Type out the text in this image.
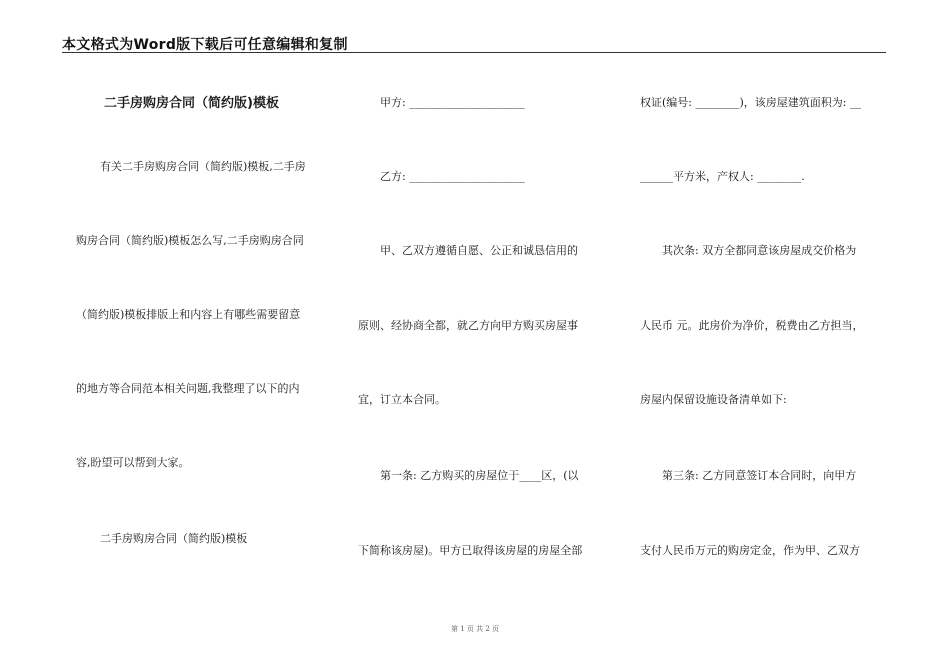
本文格式为Word版下载后可任意编辑和复制
　　二手房购房合同（简约版)模板
　　有关二手房购房合同（简约版)模板,二手房
购房合同（简约版)模板怎么写,二手房购房合同
（简约版)模板排版上和内容上有哪些需要留意
的地方等合同范本相关问题,我整理了以下的内
容,盼望可以帮到大家。
　　二手房购房合同（简约版)模板
　　甲方: _____________________
　　乙方: _____________________
　　甲、乙双方遵循自愿、公正和诚恳信用的
原则、经协商全都，就乙方向甲方购买房屋事
宜，订立本合同。
　　第一条: 乙方购买的房屋位于____区，(以
下简称该房屋)。甲方已取得该房屋的房屋全部
权证(编号: ________)，该房屋建筑面积为: __
______平方米，产权人: ________.
　　其次条: 双方全都同意该房屋成交价格为
人民币 元。此房价为净价，税费由乙方担当，
房屋内保留设施设备清单如下:
　　第三条: 乙方同意签订本合同时，向甲方
支付人民币万元的购房定金，作为甲、乙双方
第 1 页 共 2 页
